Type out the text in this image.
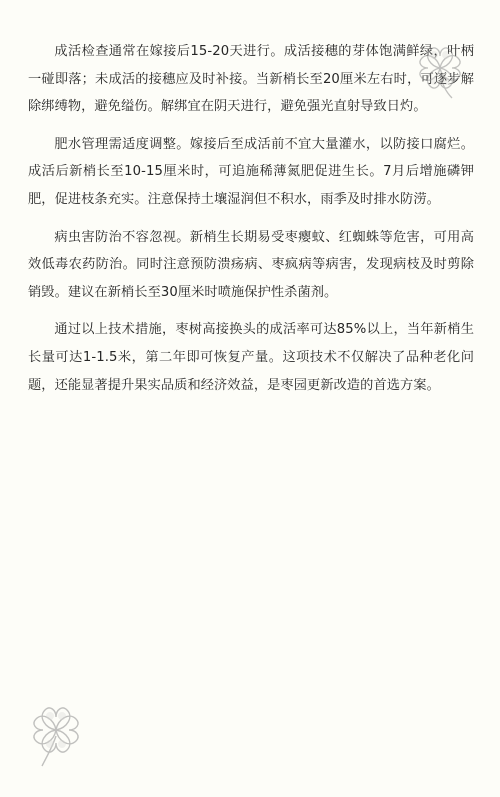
成活检查通常在嫁接后15-20天进行。成活接穗的芽体饱满鲜绿，叶柄一碰即落；未成活的接穗应及时补接。当新梢长至20厘米左右时，可逐步解除绑缚物，避免缢伤。解绑宜在阴天进行，避免强光直射导致日灼。

肥水管理需适度调整。嫁接后至成活前不宜大量灌水，以防接口腐烂。成活后新梢长至10-15厘米时，可追施稀薄氮肥促进生长。7月后增施磷钾肥，促进枝条充实。注意保持土壤湿润但不积水，雨季及时排水防涝。

病虫害防治不容忽视。新梢生长期易受枣瘿蚊、红蜘蛛等危害，可用高效低毒农药防治。同时注意预防溃疡病、枣疯病等病害，发现病枝及时剪除销毁。建议在新梢长至30厘米时喷施保护性杀菌剂。

通过以上技术措施，枣树高接换头的成活率可达85%以上，当年新梢生长量可达1-1.5米，第二年即可恢复产量。这项技术不仅解决了品种老化问题，还能显著提升果实品质和经济效益，是枣园更新改造的首选方案。
